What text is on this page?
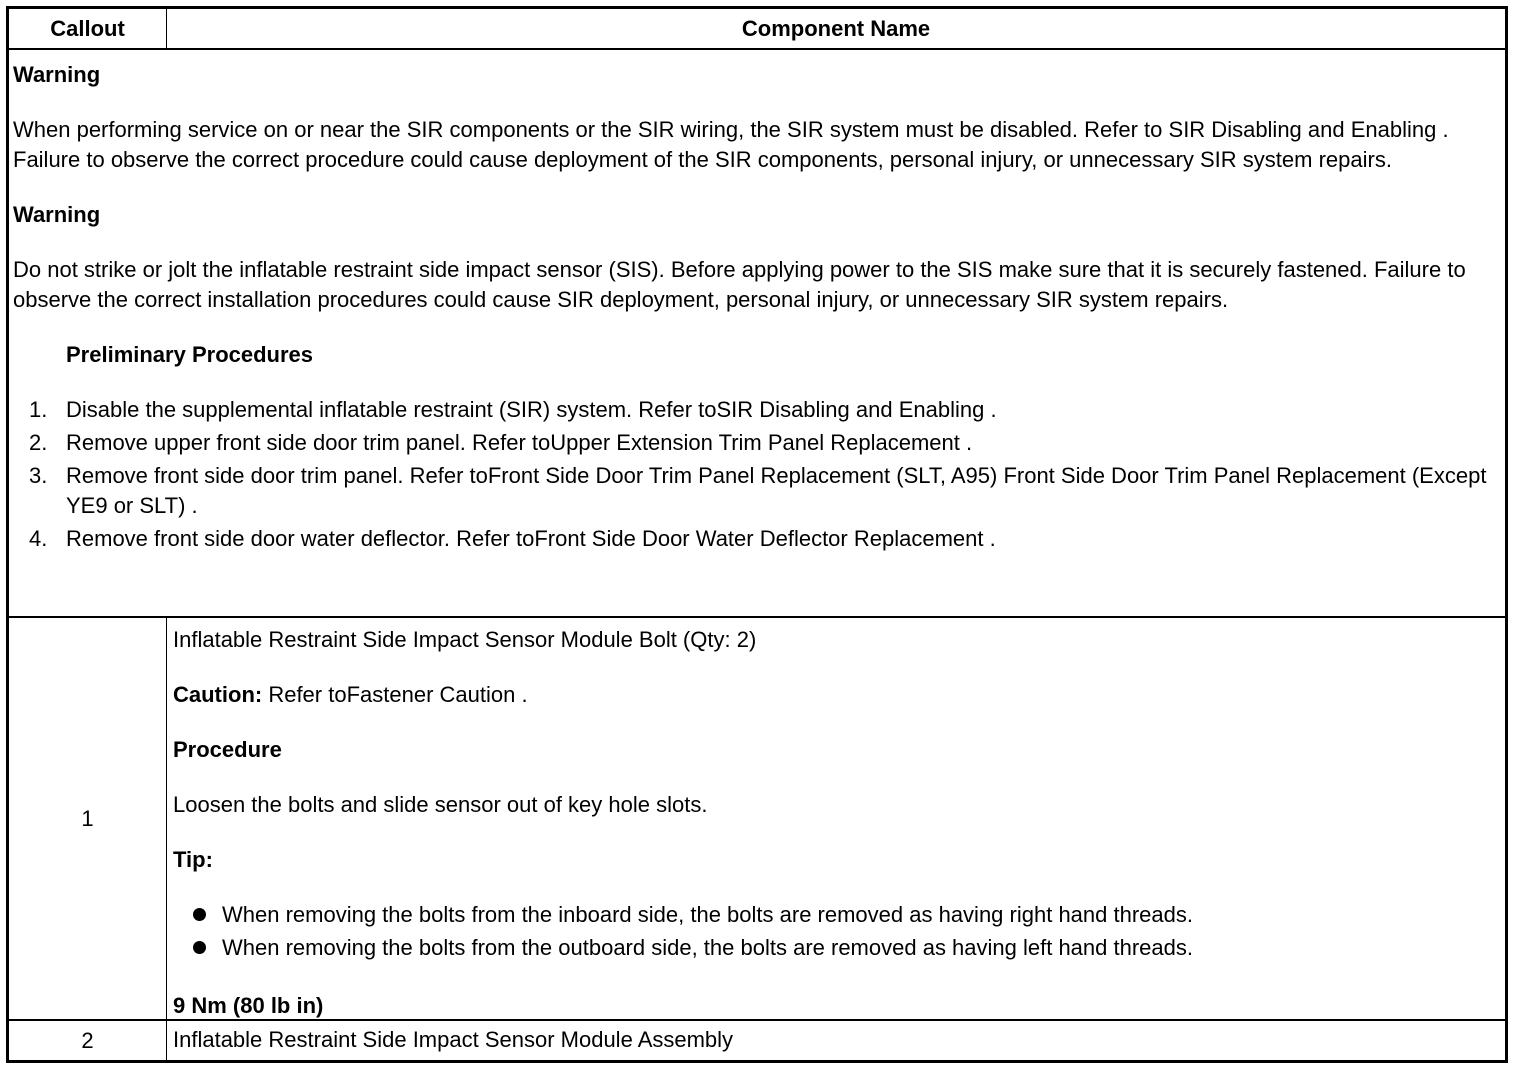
Callout	Component Name

Warning

When performing service on or near the SIR components or the SIR wiring, the SIR system must be disabled. Refer to SIR Disabling and Enabling . Failure to observe the correct procedure could cause deployment of the SIR components, personal injury, or unnecessary SIR system repairs.

Warning

Do not strike or jolt the inflatable restraint side impact sensor (SIS). Before applying power to the SIS make sure that it is securely fastened. Failure to observe the correct installation procedures could cause SIR deployment, personal injury, or unnecessary SIR system repairs.

Preliminary Procedures

1. Disable the supplemental inflatable restraint (SIR) system. Refer toSIR Disabling and Enabling .
2. Remove upper front side door trim panel. Refer toUpper Extension Trim Panel Replacement .
3. Remove front side door trim panel. Refer toFront Side Door Trim Panel Replacement (SLT, A95) Front Side Door Trim Panel Replacement (Except YE9 or SLT) .
4. Remove front side door water deflector. Refer toFront Side Door Water Deflector Replacement .
1

Inflatable Restraint Side Impact Sensor Module Bolt (Qty: 2)

Caution: Refer toFastener Caution .

Procedure

Loosen the bolts and slide sensor out of key hole slots.

Tip:

When removing the bolts from the inboard side, the bolts are removed as having right hand threads.
When removing the bolts from the outboard side, the bolts are removed as having left hand threads.

9 Nm (80 lb in)

2	Inflatable Restraint Side Impact Sensor Module Assembly
